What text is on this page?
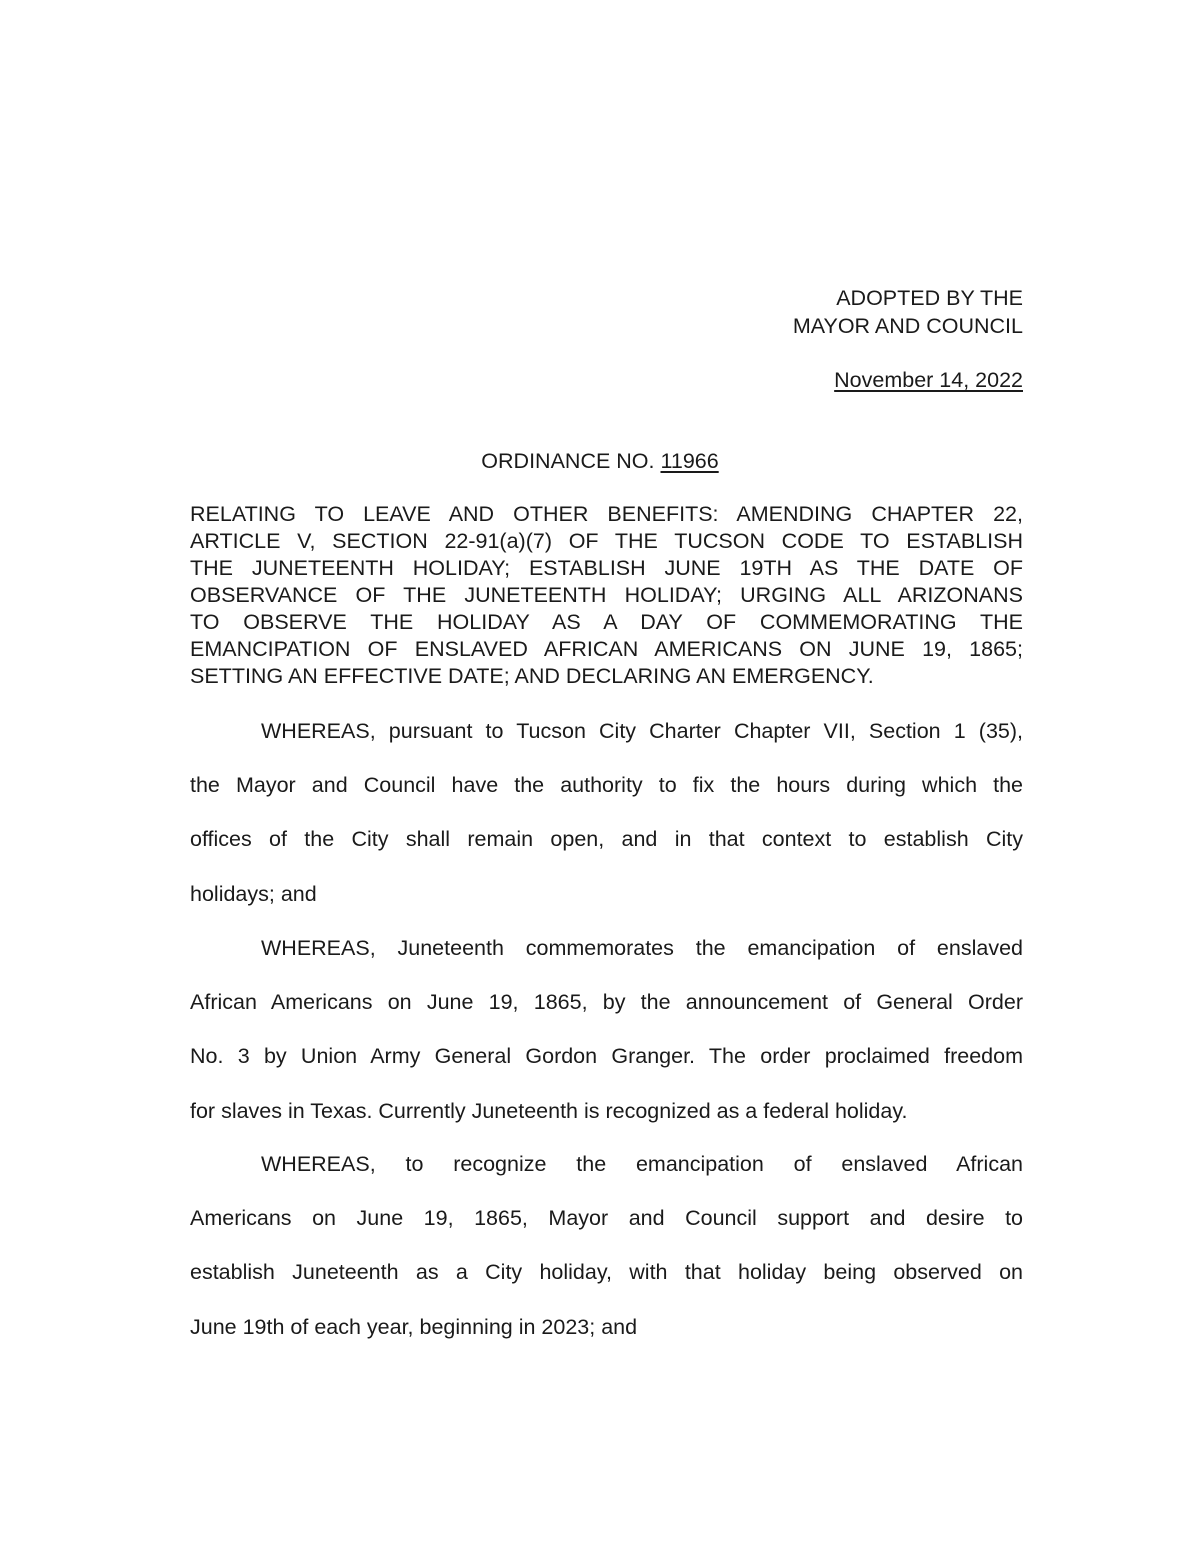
ADOPTED BY THE
MAYOR AND COUNCIL
November 14, 2022
ORDINANCE NO. 11966
RELATING TO LEAVE AND OTHER BENEFITS: AMENDING CHAPTER 22,
ARTICLE V, SECTION 22-91(a)(7) OF THE TUCSON CODE TO ESTABLISH
THE JUNETEENTH HOLIDAY; ESTABLISH JUNE 19TH AS THE DATE OF
OBSERVANCE OF THE JUNETEENTH HOLIDAY; URGING ALL ARIZONANS
TO OBSERVE THE HOLIDAY AS A DAY OF COMMEMORATING THE
EMANCIPATION OF ENSLAVED AFRICAN AMERICANS ON JUNE 19, 1865;
SETTING AN EFFECTIVE DATE; AND DECLARING AN EMERGENCY.
WHEREAS, pursuant to Tucson City Charter Chapter VII, Section 1 (35),
the Mayor and Council have the authority to fix the hours during which the
offices of the City shall remain open, and in that context to establish City
holidays; and
WHEREAS, Juneteenth commemorates the emancipation of enslaved
African Americans on June 19, 1865, by the announcement of General Order
No. 3 by Union Army General Gordon Granger. The order proclaimed freedom
for slaves in Texas. Currently Juneteenth is recognized as a federal holiday.
WHEREAS, to recognize the emancipation of enslaved African
Americans on June 19, 1865, Mayor and Council support and desire to
establish Juneteenth as a City holiday, with that holiday being observed on
June 19th of each year, beginning in 2023; and
